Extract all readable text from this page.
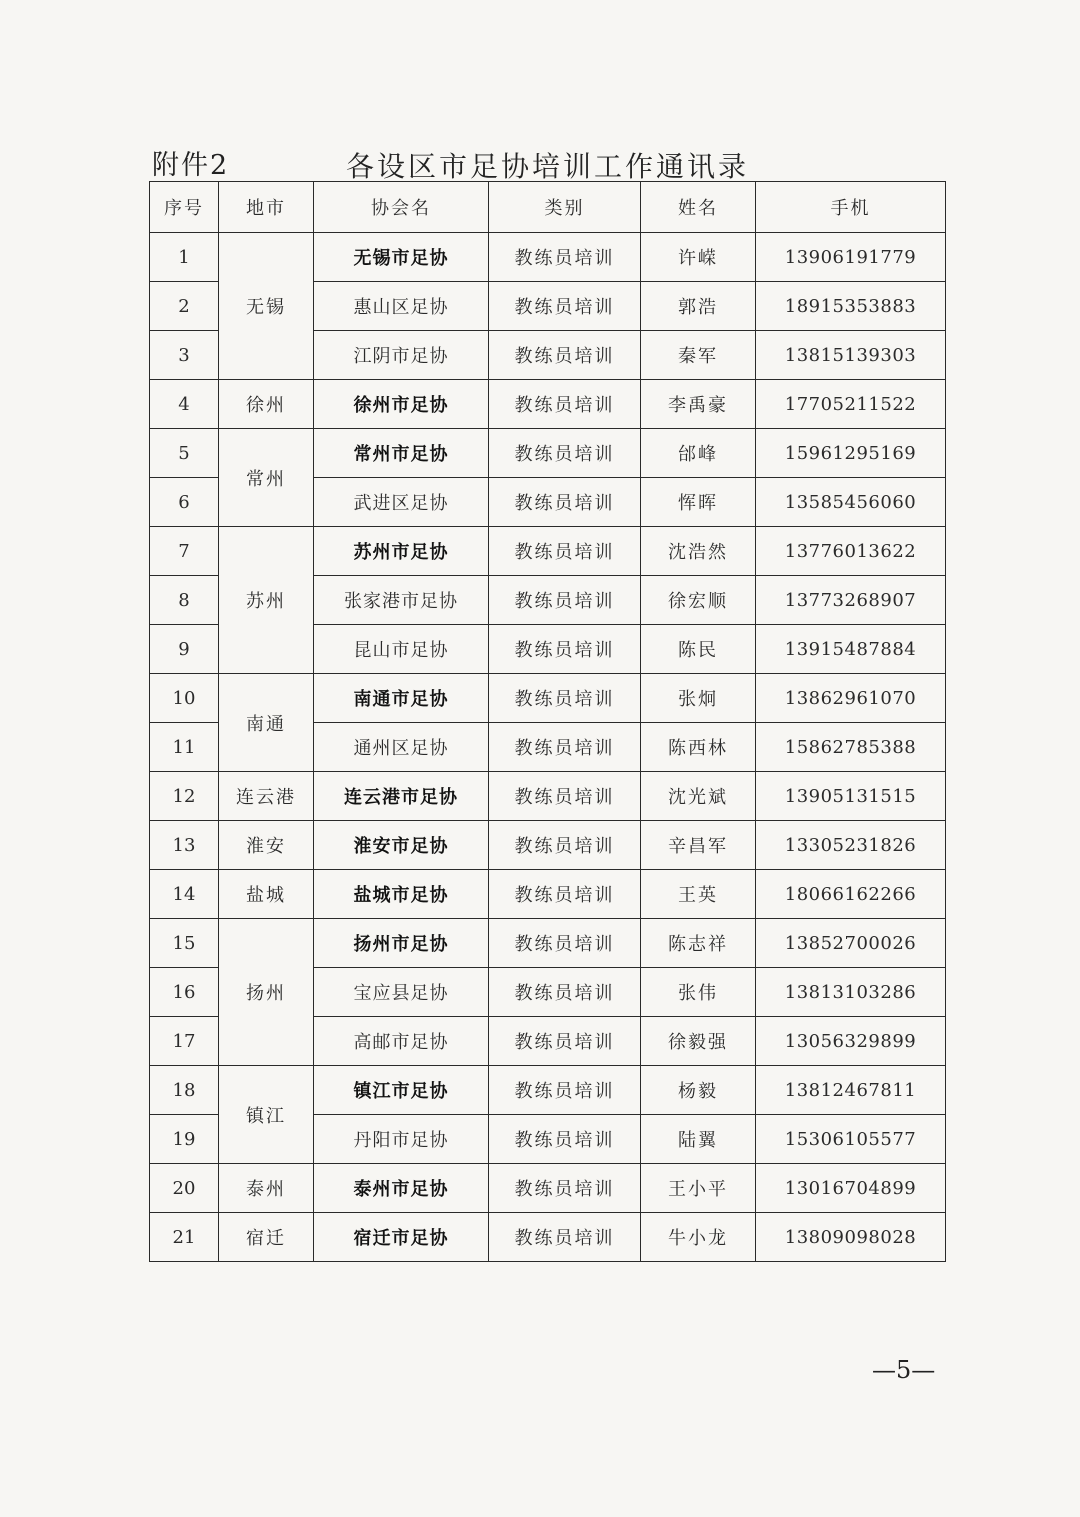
附件2	各设区市足协培训工作通讯录
序号	地市	协会名	类别	姓名	手机
1	无锡	无锡市足协	教练员培训	许嵘	13906191779
2		惠山区足协	教练员培训	郭浩	18915353883
3		江阴市足协	教练员培训	秦军	13815139303
4	徐州	徐州市足协	教练员培训	李禹豪	17705211522
5	常州	常州市足协	教练员培训	邰峰	15961295169
6		武进区足协	教练员培训	恽晖	13585456060
7	苏州	苏州市足协	教练员培训	沈浩然	13776013622
8		张家港市足协	教练员培训	徐宏顺	13773268907
9		昆山市足协	教练员培训	陈民	13915487884
10	南通	南通市足协	教练员培训	张炯	13862961070
11		通州区足协	教练员培训	陈西林	15862785388
12	连云港	连云港市足协	教练员培训	沈光斌	13905131515
13	淮安	淮安市足协	教练员培训	辛昌军	13305231826
14	盐城	盐城市足协	教练员培训	王英	18066162266
15	扬州	扬州市足协	教练员培训	陈志祥	13852700026
16		宝应县足协	教练员培训	张伟	13813103286
17		高邮市足协	教练员培训	徐毅强	13056329899
18	镇江	镇江市足协	教练员培训	杨毅	13812467811
19		丹阳市足协	教练员培训	陆翼	15306105577
20	泰州	泰州市足协	教练员培训	王小平	13016704899
21	宿迁	宿迁市足协	教练员培训	牛小龙	13809098028
—5—
